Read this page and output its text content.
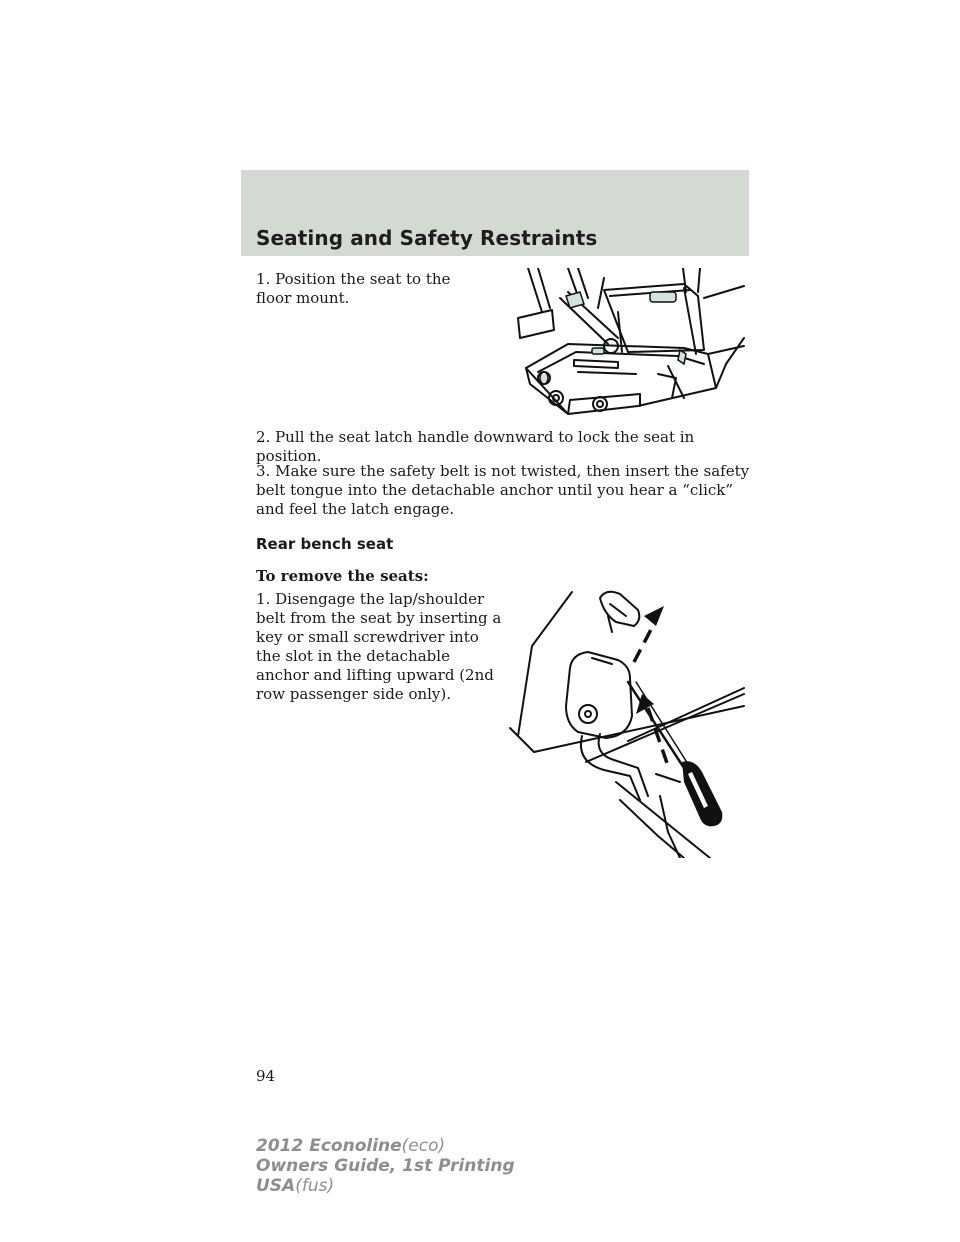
Seating and Safety Restraints

1. Position the seat to the floor mount.

2. Pull the seat latch handle downward to lock the seat in position.

3. Make sure the safety belt is not twisted, then insert the safety belt tongue into the detachable anchor until you hear a “click” and feel the latch engage.

Rear bench seat
To remove the seats:

1. Disengage the lap/shoulder belt from the seat by inserting a key or small screwdriver into the slot in the detachable anchor and lifting upward (2nd row passenger side only).

94

2012 Econoline(eco)
Owners Guide, 1st Printing
USA(fus)
